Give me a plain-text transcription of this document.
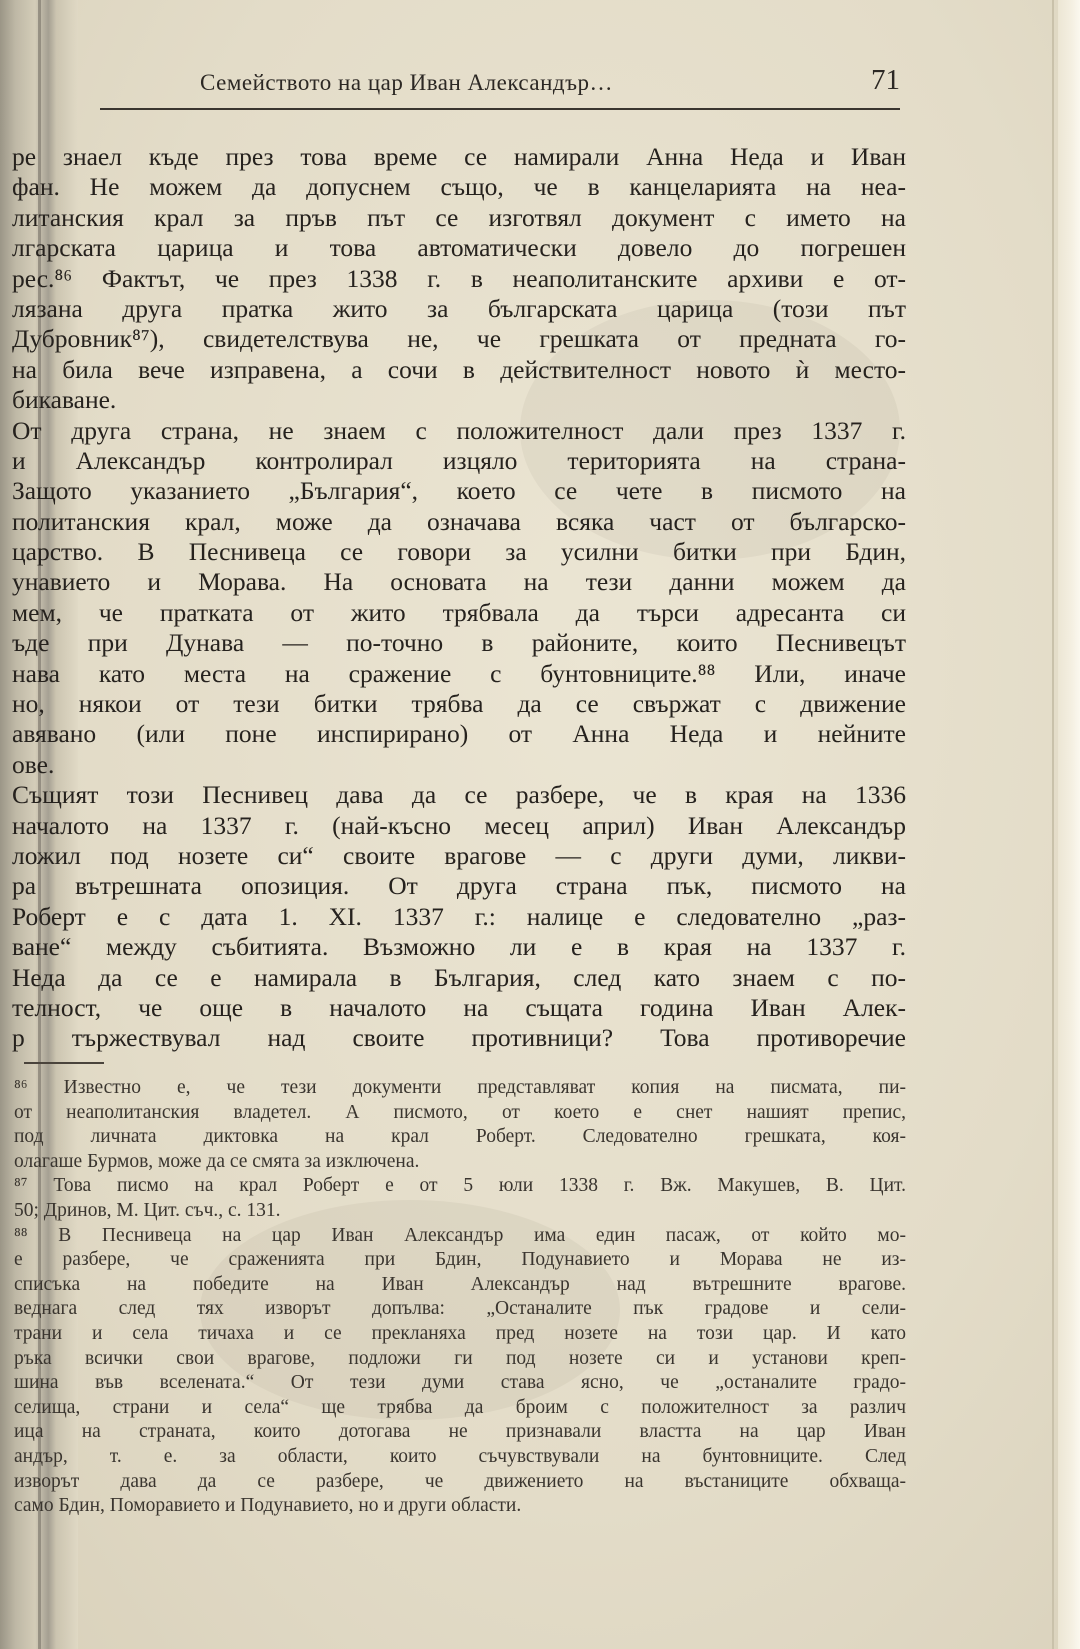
Семейството на цар Иван Александър…	71
ре знаел къде през това време се намирали Анна Неда и Иван
фан. Не можем да допуснем също, че в канцеларията на неа-
литанския крал за пръв път се изготвял документ с името на
лгарската царица и това автоматически довело до погрешен
рес.⁸⁶ Фактът, че през 1338 г. в неаполитанските архиви е от-
лязана друга пратка жито за българската царица (този път
Дубровник⁸⁷), свидетелствува не, че грешката от предната го-
на била вече изправена, а сочи в действителност новото ѝ место-
бикаване.
От друга страна, не знаем с положителност дали през 1337 г.
и Александър контролирал изцяло територията на страна-
Защото указанието „България“, което се чете в писмото на
политанския крал, може да означава всяка част от българско-
царство. В Песнивеца се говори за усилни битки при Бдин,
унавието и Морава. На основата на тези данни можем да
мем, че пратката от жито трябвала да търси адресанта си
ъде при Дунава — по-точно в районите, които Песнивецът
нава като места на сражение с бунтовниците.⁸⁸ Или, иначе
но, някои от тези битки трябва да се свържат с движение
авявано (или поне инспирирано) от Анна Неда и нейните
ове.
Същият този Песнивец дава да се разбере, че в края на 1336
началото на 1337 г. (най-късно месец април) Иван Александър
ложил под нозете си“ своите врагове — с други думи, ликви-
ра вътрешната опозиция. От друга страна пък, писмото на
Роберт е с дата 1. XI. 1337 г.: налице е следователно „раз-
ване“ между събитията. Възможно ли е в края на 1337 г.
Неда да се е намирала в България, след като знаем с по-
телност, че още в началото на същата година Иван Алек-
р тържествувал над своите противници? Това противоречие
⁸⁶ Известно е, че тези документи представляват копия на писмата, пи-
от неаполитанския владетел. А писмото, от което е снет нашият препис,
под личната диктовка на крал Роберт. Следователно грешката, коя-
олагаше Бурмов, може да се смята за изключена.
⁸⁷ Това писмо на крал Роберт е от 5 юли 1338 г. Вж. Макушев, В. Цит.
50; Дринов, М. Цит. съч., с. 131.
⁸⁸ В Песнивеца на цар Иван Александър има един пасаж, от който мо-
е разбере, че сраженията при Бдин, Подунавието и Морава не из-
списъка на победите на Иван Александър над вътрешните врагове.
веднага след тях изворът допълва: „Останалите пък градове и сели-
трани и села тичаха и се прекланяха пред нозете на този цар. И като
ръка всички свои врагове, подложи ги под нозете си и установи креп-
шина във вселената.“ От тези думи става ясно, че „останалите градо-
селища, страни и села“ ще трябва да броим с положителност за различ
ица на страната, които дотогава не признавали властта на цар Иван
андър, т. е. за области, които съчувствували на бунтовниците. След
изворът дава да се разбере, че движението на въстаниците обхваща-
само Бдин, Поморавието и Подунавието, но и други области.
